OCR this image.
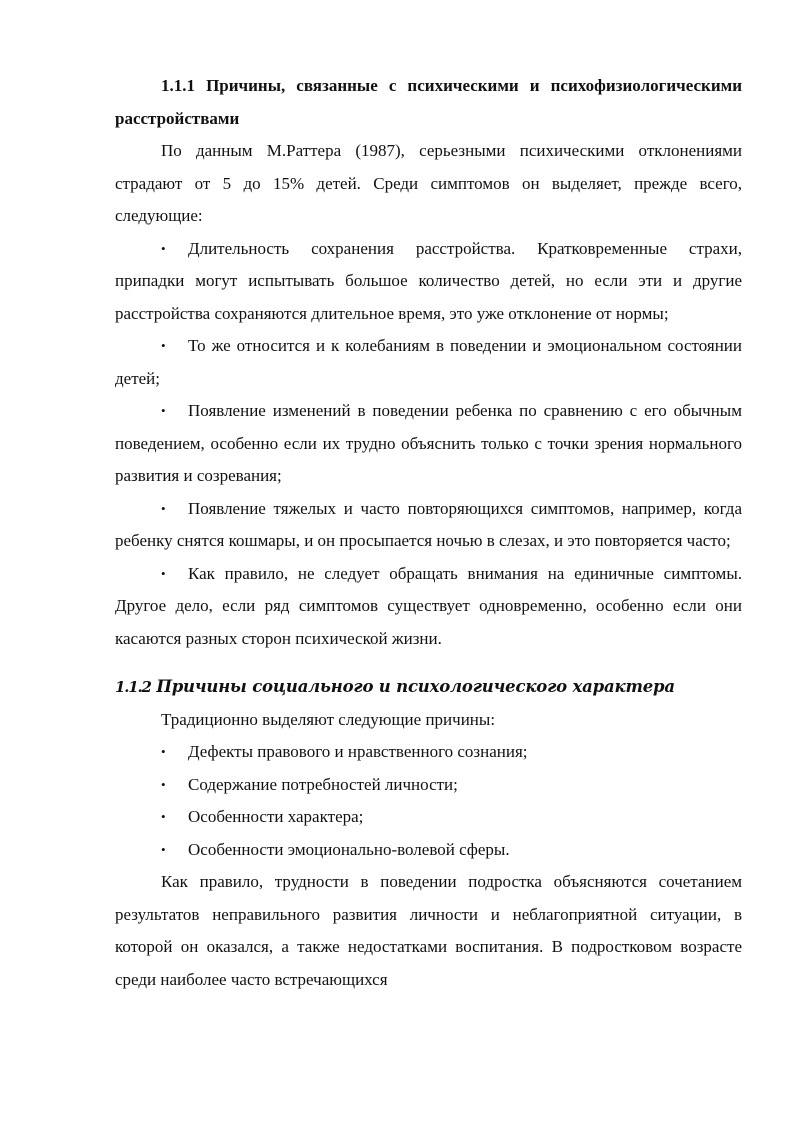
1.1.1 Причины, связанные с психическими и психофизиологическими расстройствами

По данным М.Раттера (1987), серьезными психическими отклонениями страдают от 5 до 15% детей. Среди симптомов он выделяет, прежде всего, следующие:

• Длительность сохранения расстройства. Кратковременные страхи, припадки могут испытывать большое количество детей, но если эти и другие расстройства сохраняются длительное время, это уже отклонение от нормы;

• То же относится и к колебаниям в поведении и эмоциональном состоянии детей;

• Появление изменений в поведении ребенка по сравнению с его обычным поведением, особенно если их трудно объяснить только с точки зрения нормального развития и созревания;

• Появление тяжелых и часто повторяющихся симптомов, например, когда ребенку снятся кошмары, и он просыпается ночью в слезах, и это повторяется часто;

• Как правило, не следует обращать внимания на единичные симптомы. Другое дело, если ряд симптомов существует одновременно, особенно если они касаются разных сторон психической жизни.

1.1.2 Причины социального и психологического характера

Традиционно выделяют следующие причины:

• Дефекты правового и нравственного сознания;

• Содержание потребностей личности;

• Особенности характера;

• Особенности эмоционально-волевой сферы.

Как правило, трудности в поведении подростка объясняются сочетанием результатов неправильного развития личности и неблагоприятной ситуации, в которой он оказался, а также недостатками воспитания. В подростковом возрасте среди наиболее часто встречающихся
